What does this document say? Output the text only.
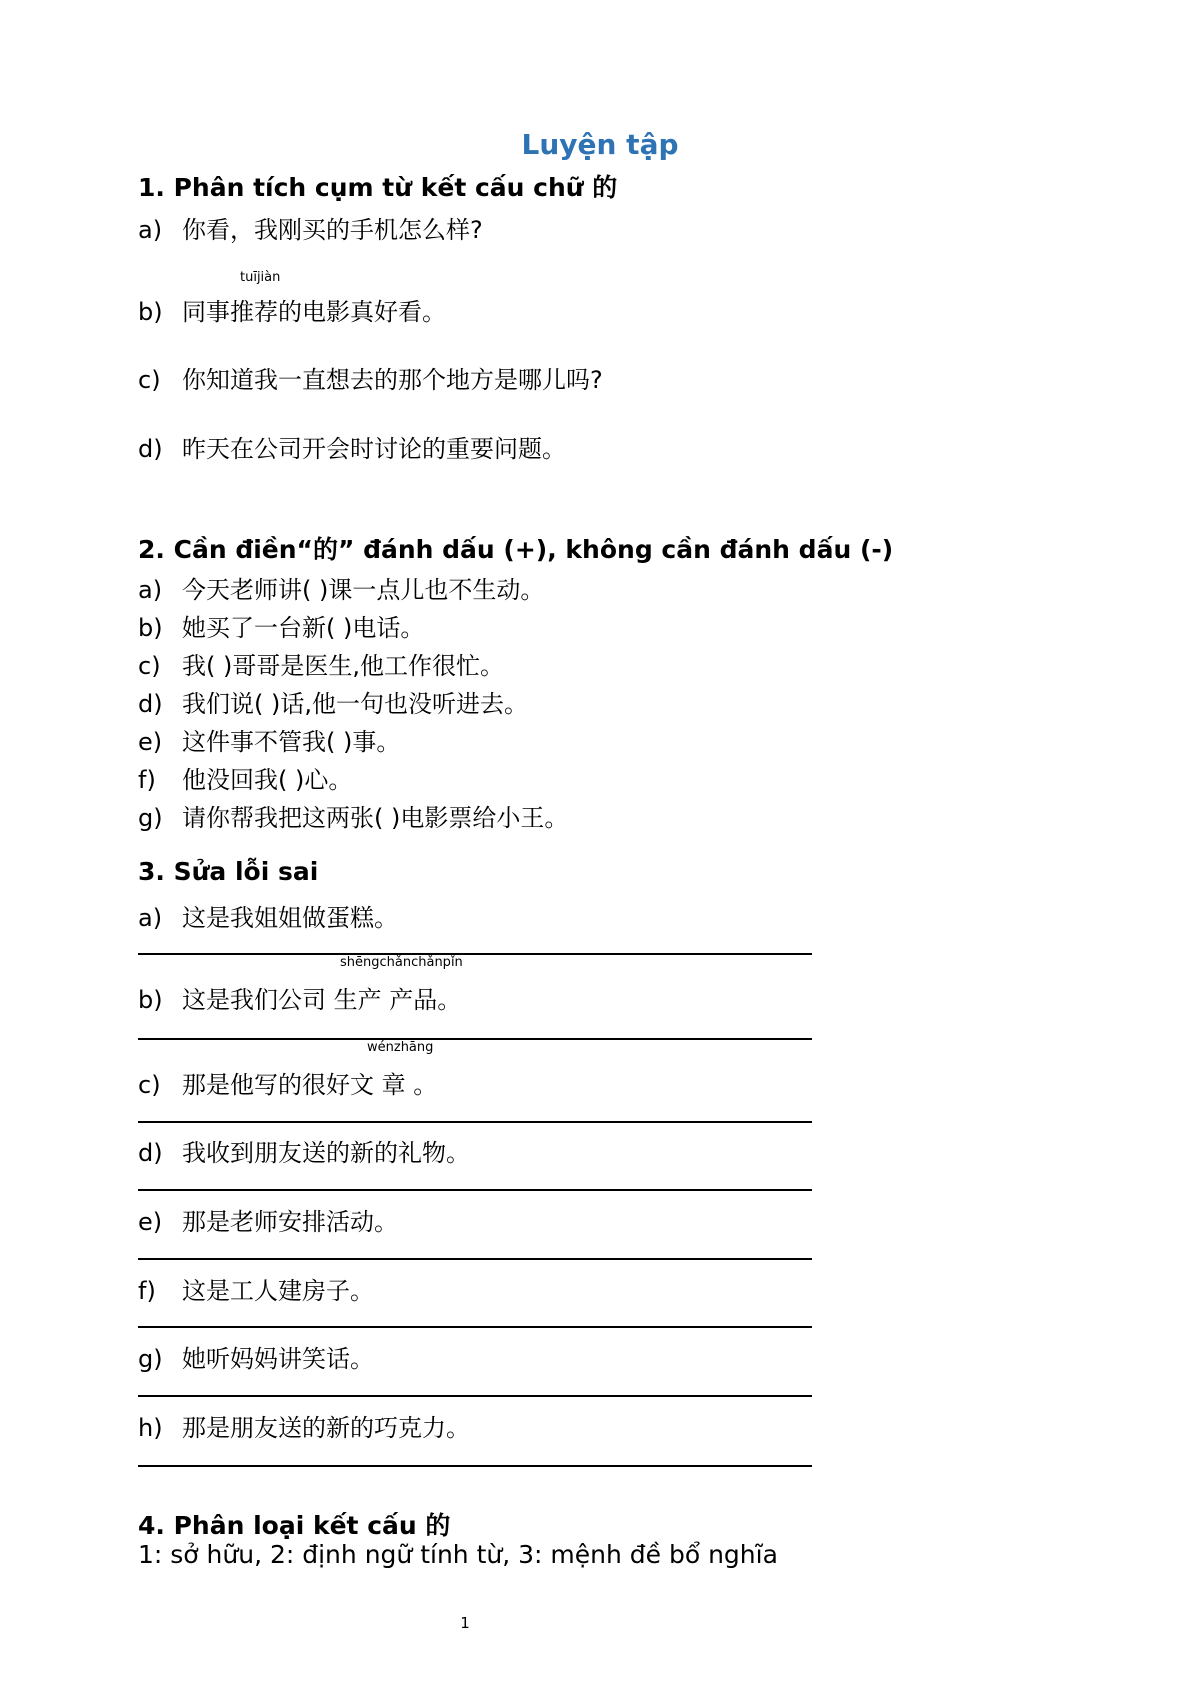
Luyện tập
1. Phân tích cụm từ kết cấu chữ 的
a) 你看，我刚买的手机怎么样?
tuījiàn
b) 同事推荐的电影真好看。
c) 你知道我一直想去的那个地方是哪儿吗?
d) 昨天在公司开会时讨论的重要问题。
2. Cần điền“的” đánh dấu (+), không cần đánh dấu (-)
a) 今天老师讲( )课一点儿也不生动。
b) 她买了一台新( )电话。
c) 我( )哥哥是医生,他工作很忙。
d) 我们说( )话,他一句也没听进去。
e) 这件事不管我( )事。
f) 他没回我( )心。
g) 请你帮我把这两张( )电影票给小王。
3. Sửa lỗi sai
a) 这是我姐姐做蛋糕。
shēngchǎnchǎnpǐn
b) 这是我们公司 生产 产品。
wénzhāng
c) 那是他写的很好文 章 。
d) 我收到朋友送的新的礼物。
e) 那是老师安排活动。
f) 这是工人建房子。
g) 她听妈妈讲笑话。
h) 那是朋友送的新的巧克力。
4. Phân loại kết cấu 的
1: sở hữu, 2: định ngữ tính từ, 3: mệnh đề bổ nghĩa
1
